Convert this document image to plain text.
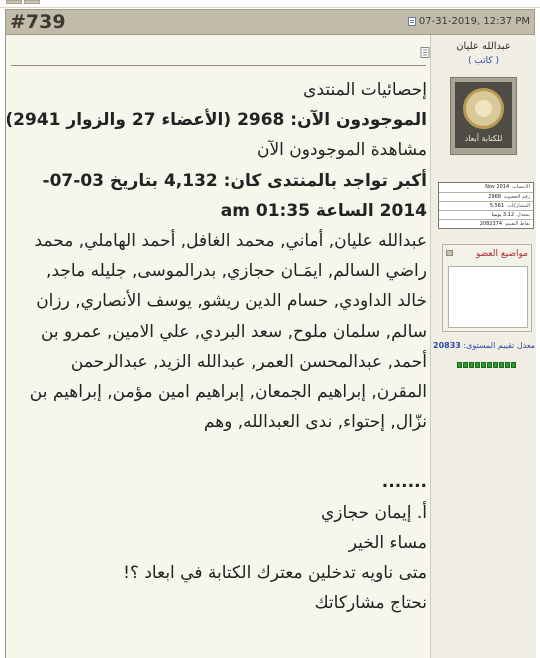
#739	07-31-2019, 12:37 PM
إحصائيات المنتدى
الموجودون الآن: 2968 (الأعضاء 27 والزوار 2941)
مشاهدة الموجودون الآن
أكبر تواجد بالمنتدى كان: 4,132 بتاريخ 03-07-2014 الساعة 01:35 am
عبدالله عليان, أماني, محمد الغافل, أحمد الهاملي, محمد راضي السالم, ايمَـان حجازي, بدرالموسى, جليله ماجد, خالد الداودي, حسام الدين ريشو, يوسف الأنصاري, رزان سالم, سلمان ملوح, سعد البردي, علي الامين, عمرو بن أحمد, عبدالمحسن العمر, عبدالله الزيد, عبدالرحمن المقرن, إبراهيم الجمعان, إبراهيم امين مؤمن, إبراهيم بن نزّال, إحتواء, ندى العبدالله, وهم
.......
أ. إيمان حجازي
مساء الخير
متى ناويه تدخلين معترك الكتابة في ابعاد ؟!
نحتاج مشاركاتك
عبدالله عليان
( كاتب )
للكتابة أبعاد
الانتساب
Nov 2014
رقم العضوية
2968
المشاركات
5,561
بمعدل
3.12 يوميا
نقاط التقييم
2082374
مواضيع العضو
معدل تقييم المستوى: 20833
